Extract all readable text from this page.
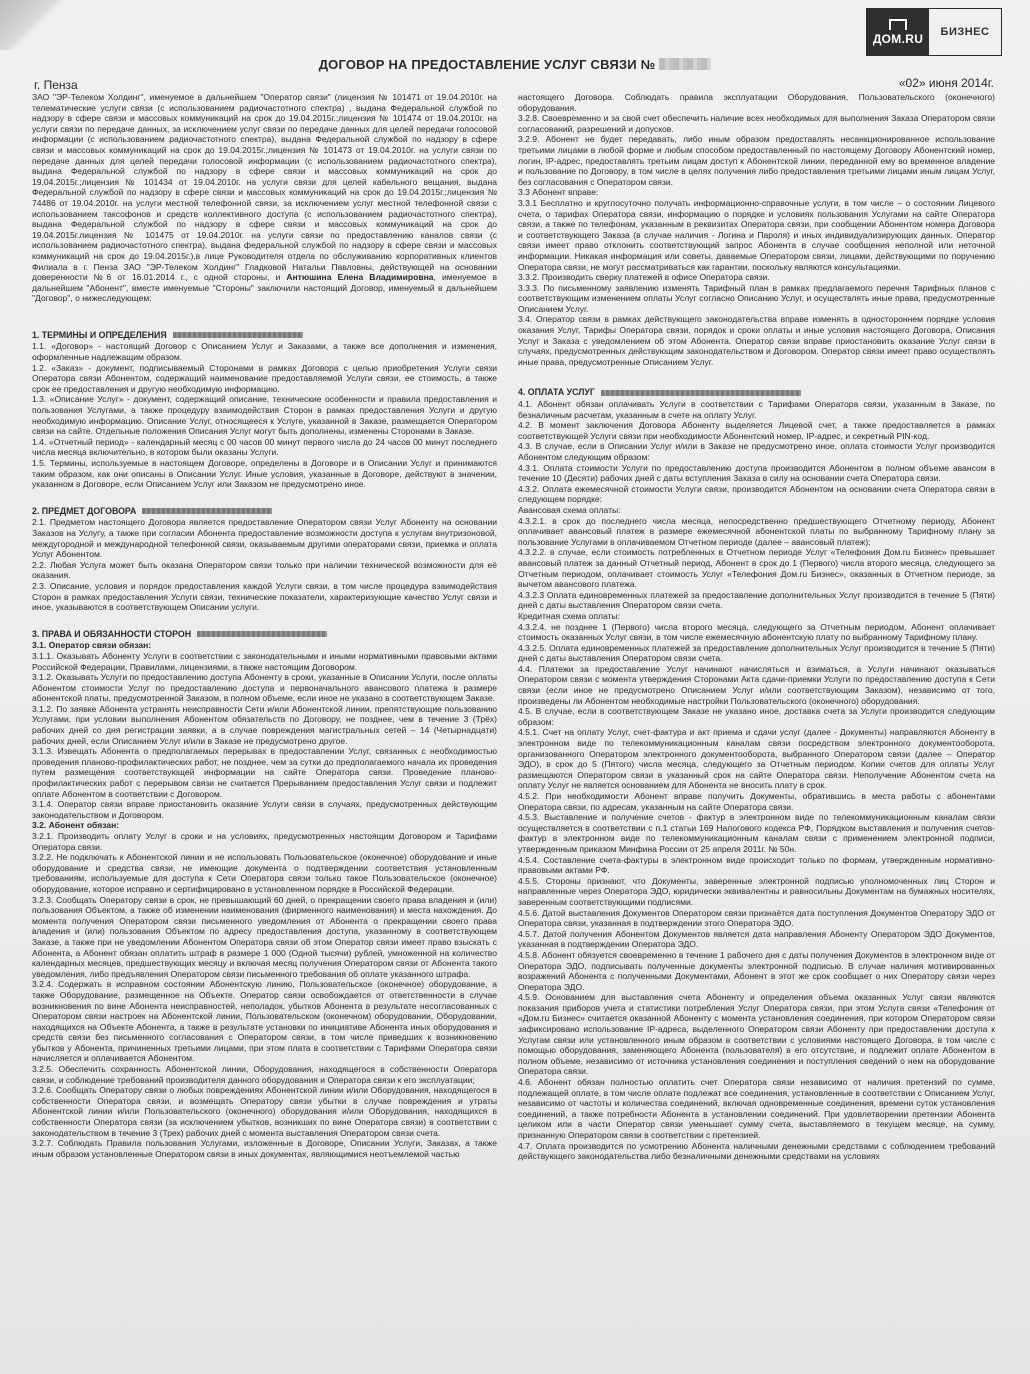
ДОМ.RU	БИЗНЕС
ДОГОВОР НА ПРЕДОСТАВЛЕНИЕ УСЛУГ СВЯЗИ №
г. Пенза	«02» июня 2014г.

ЗАО "ЭР-Телеком Холдинг", именуемое в дальнейшем "Оператор связи" (лицензия № 101471 от 19.04.2010г. на телематические услуги связи (с использованием радиочастотного спектра) , выдана Федеральной службой по надзору в сфере связи и массовых коммуникаций на срок до 19.04.2015г.;лицензия № 101474 от 19.04.2010г. на услуги связи по передаче данных, за исключением услуг связи по передаче данных для целей передачи голосовой информации (с использованием радиочастотного спектра), выдана Федеральной службой по надзору в сфере связи и массовых коммуникаций на срок до 19.04.2015г.;лицензия № 101473 от 19.04.2010г. на услуги связи по передаче данных для целей передачи голосовой информации (с использованием радиочастотного спектра), выдана Федеральной службой по надзору в сфере связи и массовых коммуникаций на срок до 19.04.2015г.;лицензия № 101434 от 19.04.2010г. на услуги связи для целей кабельного вещания, выдана Федеральной службой по надзору в сфере связи и массовых коммуникаций на срок до 19.04.2015г.;лицензия № 74486 от 19.04.2010г. на услуги местной телефонной связи, за исключением услуг местной телефонной связи с использованием таксофонов и средств коллективного доступа (с использованием радиочастотного спектра), выдана Федеральной службой по надзору в сфере связи и массовых коммуникаций на срок до 19.04.2015г.лицензия № 101475 от 19.04.2010г. на услуги связи по предоставлению каналов связи (с использованием радиочастотного спектра), выдана федеральной службой по надзору в сфере связи и массовых коммуникаций на срок до 19.04.2015г.),в лице Руководителя отдела по обслуживанию корпоративных клиентов Филиала в г. Пенза ЗАО "ЭР-Телеком Холдинг" Гладковой Натальи Павловны, действующей на основании доверенности №6 от 16.01.2014 г., с одной стороны, и Антюшина Елена Владимировна, именуемое в дальнейшем "Абонент", вместе именуемые "Стороны" заключили настоящий Договор, именуемый в дальнейшем "Договор", о нижеследующем:

1. ТЕРМИНЫ И ОПРЕДЕЛЕНИЯ

1.1. «Договор» - настоящий Договор с Описанием Услуг и Заказами, а также все дополнения и изменения, оформленные надлежащим образом.

1.2. «Заказ» - документ, подписываемый Сторонами в рамках Договора с целью приобретения Услуги связи Оператора связи Абонентом, содержащий наименование предоставляемой Услуги связи, ее стоимость, а также срок ее предоставления и другую необходимую информацию.

1.3. «Описание Услуг» - документ, содержащий описание, технические особенности и правила предоставления и пользования Услугами, а также процедуру взаимодействия Сторон в рамках предоставления Услуги и другую необходимую информацию. Описание Услуг, относящееся к Услуге, указанной в Заказе, размещается Оператором связи на сайте. Отдельные положения Описания Услуг могут быть дополнены, изменены Сторонами в Заказе.

1.4. «Отчетный период» - календарный месяц с 00 часов 00 минут первого числа до 24 часов 00 минут последнего числа месяца включительно, в котором были оказаны Услуги.

1.5. Термины, используемые в настоящем Договоре, определены в Договоре и в Описании Услуг и принимаются таким образом, как они описаны в Описании Услуг. Иные условия, указанные в Договоре, действуют в значении, указанном в Договоре, если Описанием Услуг или Заказом не предусмотрено иное.

2. ПРЕДМЕТ ДОГОВОРА

2.1. Предметом настоящего Договора является предоставление Оператором связи Услуг Абоненту на основании Заказов на Услугу, а также при согласии Абонента предоставление возможности доступа к услугам внутризоновой, междугородной и международной телефонной связи, оказываемым другими операторами связи, приемка и оплата Услуг Абонентом.

2.2. Любая Услуга может быть оказана Оператором связи только при наличии технической возможности для её оказания.

2.3. Описание, условия и порядок предоставления каждой Услуги связи, в том числе процедура взаимодействия Сторон в рамках предоставления Услуги связи, технические показатели, характеризующие качество Услуг связи и иное, указываются в соответствующем Описании услуги.

3. ПРАВА И ОБЯЗАННОСТИ СТОРОН

3.1. Оператор связи обязан:

3.1.1. Оказывать Абоненту Услуги в соответствии с законодательными и иными нормативными правовыми актами Российской Федерации, Правилами, лицензиями, а также настоящим Договором.

3.1.2. Оказывать Услуги по предоставлению доступа Абоненту в сроки, указанные в Описании Услуги, после оплаты Абонентом стоимости Услуг по предоставлению доступа и первоначального авансового платежа в размере абонентской платы, предусмотренной Заказом, в полном объеме, если иное не указано в соответствующем Заказе.

3.1.2. По заявке Абонента устранять неисправности Сети и/или Абонентской линии, препятствующие пользованию Услугами, при условии выполнения Абонентом обязательств по Договору, не позднее, чем в течение 3 (Трёх) рабочих дней со дня регистрации заявки, а в случае повреждения магистральных сетей – 14 (Четырнадцати) рабочих дней, если Описанием Услуг и/или в Заказе не предусмотрено другое.

3.1.3. Извещать Абонента о предполагаемых перерывах в предоставлении Услуг, связанных с необходимостью проведения планово-профилактических работ, не позднее, чем за сутки до предполагаемого начала их проведения путем размещения соответствующей информации на сайте Оператора связи. Проведение планово-профилактических работ с перерывом связи не считается Прерыванием предоставления Услуг связи и подлежит оплате Абонентом в соответствии с Договором.

3.1.4. Оператор связи вправе приостановить оказание Услуги связи в случаях, предусмотренных действующим законодательством и Договором.

3.2. Абонент обязан:

3.2.1. Производить оплату Услуг в сроки и на условиях, предусмотренных настоящим Договором и Тарифами Оператора связи.

3.2.2. Не подключать к Абонентской линии и не использовать Пользовательское (оконечное) оборудование и иные оборудование и средства связи, не имеющие документа о подтверждении соответствия установленным требованиям, используемые для доступа к Сети Оператора связи только такое Пользовательское (оконечное) оборудование, которое исправно и сертифицировано в установленном порядке в Российской Федерации.

3.2.3. Сообщать Оператору связи в срок, не превышающий 60 дней, о прекращении своего права владения и (или) пользования Объектом, а также об изменении наименования (фирменного наименования) и места нахождения. До момента получения Оператором связи письменного уведомления от Абонента о прекращении своего права владения и (или) пользования Объектом по адресу предоставления доступа, указанному в соответствующем Заказе, а также при не уведомлении Абонентом Оператора связи об этом Оператор связи имеет право взыскать с Абонента, а Абонент обязан оплатить штраф в размере 1 000 (Одной тысячи) рублей, умноженной на количество календарных месяцев, предшествующих месяцу и включая месяц получения Оператором связи от Абонента такого уведомления, либо предъявления Оператором связи письменного требования об оплате указанного штрафа.

3.2.4. Содержать в исправном состоянии Абонентскую линию, Пользовательское (оконечное) оборудование, а также Оборудование, размещенное на Объекте. Оператор связи освобождается от ответственности в случае возникновения по вине Абонента неисправностей, неполадок, убытков Абонента в результате несогласованных с Оператором связи настроек на Абонентской линии, Пользовательском (оконечном) оборудовании, Оборудовании, находящихся на Объекте Абонента, а также в результате установки по инициативе Абонента иных оборудования и средств связи без письменного согласования с Оператором связи, в том числе приведших к возникновению убытков у Абонента, причиненных третьими лицами, при этом плата в соответствии с Тарифами Оператора связи начисляется и оплачивается Абонентом.

3.2.5. Обеспечить сохранность Абонентской линии, Оборудования, находящегося в собственности Оператора связи, и соблюдение требований производителя данного оборудования и Оператора связи к его эксплуатации;

3.2.6. Сообщать Оператору связи о любых повреждениях Абонентской линии и/или Оборудования, находящегося в собственности Оператора связи, и возмещать Оператору связи убытки в случае повреждения и утраты Абонентской линии и/или Пользовательского (оконечного) оборудования и/или Оборудования, находящихся в собственности Оператора связи (за исключением убытков, возникших по вине Оператора связи) в соответствии с законодательством в течение 3 (Трех) рабочих дней с момента выставления Оператором связи счета.

3.2.7. Соблюдать Правила пользования Услугами, изложенные в Договоре, Описании Услуги, Заказах, а также иным образом установленные Оператором связи в иных документах, являющимися неотъемлемой частью

настоящего Договора. Соблюдать правила эксплуатации Оборудования, Пользовательского (оконечного) оборудования.

3.2.8. Своевременно и за свой счет обеспечить наличие всех необходимых для выполнения Заказа Оператором связи согласований, разрешений и допусков.

3.2.9. Абонент не будет передавать, либо иным образом предоставлять несанкционированное использование третьими лицами в любой форме и любым способом предоставленный по настоящему Договору Абонентский номер, логин, IP-адрес, предоставлять третьим лицам доступ к Абонентской линии, переданной ему во временное владение и пользование по Договору, в том числе в целях получения либо предоставления третьими лицами иным лицам Услуг, без согласования с Оператором связи.

3.3 Абонент вправе:

3.3.1 Бесплатно и круглосуточно получать информационно-справочные услуги, в том числе – о состоянии Лицевого счета, о тарифах Оператора связи, информацию о порядке и условиях пользования Услугами на сайте Оператора связи, а также по телефонам, указанным в реквизитах Оператора связи, при сообщении Абонентом номера Договора и соответствующего Заказа (в случае наличия - Логина и Пароля) и иных индивидуализирующих данных. Оператор связи имеет право отклонить соответствующий запрос Абонента в случае сообщения неполной или неточной информации. Никакая информация или советы, даваемые Оператором связи, лицами, действующими по поручению Оператора связи, не могут рассматриваться как гарантии, поскольку являются консультациями.

3.3.2. Производить сверку платежей в офисе Оператора связи.

3.3.3. По письменному заявлению изменять Тарифный план в рамках предлагаемого перечня Тарифных планов с соответствующим изменением оплаты Услуг согласно Описанию Услуг, и осуществлять иные права, предусмотренные Описанием Услуг.

3.4. Оператор связи в рамках действующего законодательства вправе изменять в одностороннем порядке условия оказания Услуг, Тарифы Оператора связи, порядок и сроки оплаты и иные условия настоящего Договора, Описания Услуг и Заказа с уведомлением об этом Абонента. Оператор связи вправе приостановить оказание Услуг связи в случаях, предусмотренных действующим законодательством и Договором. Оператор связи имеет право осуществлять иные права, предусмотренные Описанием Услуг.

4. ОПЛАТА УСЛУГ

4.1. Абонент обязан оплачивать Услуги в соответствии с Тарифами Оператора связи, указанным в Заказе, по безналичным расчетам, указанным в счете на оплату Услуг.

4.2. В момент заключения Договора Абоненту выделяется Лицевой счет, а также предоставляется в рамках соответствующей Услуги связи при необходимости Абонентский номер, IP-адрес, и секретный PIN-код.

4.3. В случае, если в Описании Услуг и/или в Заказе не предусмотрено иное, оплата стоимости Услуг производится Абонентом следующим образом:

4.3.1. Оплата стоимости Услуги по предоставлению доступа производится Абонентом в полном объеме авансом в течение 10 (Десяти) рабочих дней с даты вступления Заказа в силу на основании счета Оператора связи.

4.3.2. Оплата ежемесячной стоимости Услуги связи, производится Абонентом на основании счета Оператора связи в следующем порядке:

Авансовая схема оплаты:

4.3.2.1. в срок до последнего числа месяца, непосредственно предшествующего Отчетному периоду, Абонент оплачивает авансовый платеж в размере ежемесячной абонентской платы по выбранному Тарифному плану за пользование Услугами в оплачиваемом Отчетном периоде (далее – авансовый платеж);

4.3.2.2. в случае, если стоимость потребленных в Отчетном периоде Услуг «Телефония Дом.ru Бизнес» превышает авансовый платеж за данный Отчетный период, Абонент в срок до 1 (Первого) числа второго месяца, следующего за Отчетным периодом, оплачивает стоимость Услуг «Телефония Дом.ru Бизнес», оказанных в Отчетном периоде, за вычетом авансового платежа.

4.3.2.3 Оплата единовременных платежей за предоставление дополнительных Услуг производится в течение 5 (Пяти) дней с даты выставления Оператором связи счета.

Кредитная схема оплаты:

4.3.2.4. не позднее 1 (Первого) числа второго месяца, следующего за Отчетным периодом, Абонент оплачивает стоимость оказанных Услуг связи, в том числе ежемесячную абонентскую плату по выбранному Тарифному плану.

4.3.2.5. Оплата единовременных платежей за предоставление дополнительных Услуг производится в течение 5 (Пяти) дней с даты выставления Оператором связи счета.

4.4. Платежи за предоставление Услуг начинают начисляться и взиматься, а Услуги начинают оказываться Оператором связи с момента утверждения Сторонами Акта сдачи-приемки Услуги по предоставлению доступа к Сети связи (если иное не предусмотрено Описанием Услуг и/или соответствующим Заказом), независимо от того, произведены ли Абонентом необходимые настройки Пользовательского (оконечного) оборудования.

4.5. В случае, если в соответствующем Заказе не указано иное, доставка счета за Услуги производится следующим образом:

4.5.1. Счет на оплату Услуг, счет-фактура и акт приема и сдачи услуг (далее - Документы) направляются Абоненту в электронном виде по телекоммуникационным каналам связи посредством электронного документооборота, организованного Оператором электронного документооборота, выбранного Оператором связи (далее – Оператор ЭДО), в срок до 5 (Пятого) числа месяца, следующего за Отчетным периодом. Копии счетов для оплаты Услуг размещаются Оператором связи в указанный срок на сайте Оператора связи. Неполучение Абонентом счета на оплату Услуг не является основанием для Абонента не вносить плату в срок.

4.5.2. При необходимости Абонент вправе получить Документы, обратившись в места работы с абонентами Оператора связи, по адресам, указанным на сайте Оператора связи.

4.5.3. Выставление и получение счетов - фактур в электронном виде по телекоммуникационным каналам связи осуществляется в соответствии с п.1 статьи 169 Налогового кодекса РФ, Порядком выставления и получения счетов-фактур в электронном виде по телекоммуникационным каналам связи с применением электронной подписи, утвержденным приказом Минфина России от 25 апреля 2011г. № 50н.

4.5.4. Составление счета-фактуры в электронном виде происходит только по формам, утвержденным нормативно-правовыми актами РФ.

4.5.5. Стороны признают, что Документы, заверенные электронной подписью уполномоченных лиц Сторон и направленные через Оператора ЭДО, юридически эквивалентны и равносильны Документам на бумажных носителях, заверенным соответствующими подписями.

4.5.6. Датой выставления Документов Оператором связи признаётся дата поступления Документов Оператору ЭДО от Оператора связи, указанная в подтверждении этого Оператора ЭДО.

4.5.7. Датой получения Абонентом Документов является дата направления Абоненту Оператором ЭДО Документов, указанная в подтверждении Оператора ЭДО.

4.5.8. Абонент обязуется своевременно в течение 1 рабочего дня с даты получения Документов в электронном виде от Оператора ЭДО, подписывать полученные документы электронной подписью. В случае наличия мотивированных возражений Абонента с полученными Документами, Абонент в этот же срок сообщает о них Оператору связи через Оператора ЭДО.

4.5.9. Основанием для выставления счета Абоненту и определения объема оказанных Услуг связи являются показания приборов учета и статистики потребления Услуг Оператора связи, при этом Услуга связи «Телефония от «Дом.ru Бизнес» считается оказанной Абоненту с момента установления соединения, при котором Оператором связи зафиксировано использование IP-адреса, выделенного Оператором связи Абоненту при предоставлении доступа к Услугам связи или установленного иным образом в соответствии с условиями настоящего Договора, в том числе с помощью оборудования, заменяющего Абонента (пользователя) в его отсутствие, и подлежит оплате Абонентом в полном объеме, независимо от источника установления соединения и поступления сведений о нем на оборудование Оператора связи.

4.6. Абонент обязан полностью оплатить счет Оператора связи независимо от наличия претензий по сумме, подлежащей оплате, в том числе оплате подлежат все соединения, установленные в соответствии с Описанием Услуг, независимо от частоты и количества соединений, включая одновременные соединения, времени суток установления соединений, а также потребности Абонента в установлении соединений. При удовлетворении претензии Абонента целиком или в части Оператор связи уменьшает сумму счета, выставляемого в текущем месяце, на сумму, признанную Оператором связи в соответствии с претензией.

4.7. Оплата производится по усмотрению Абонента наличными денежными средствами с соблюдением требований действующего законодательства либо безналичными денежными средствами на условиях
